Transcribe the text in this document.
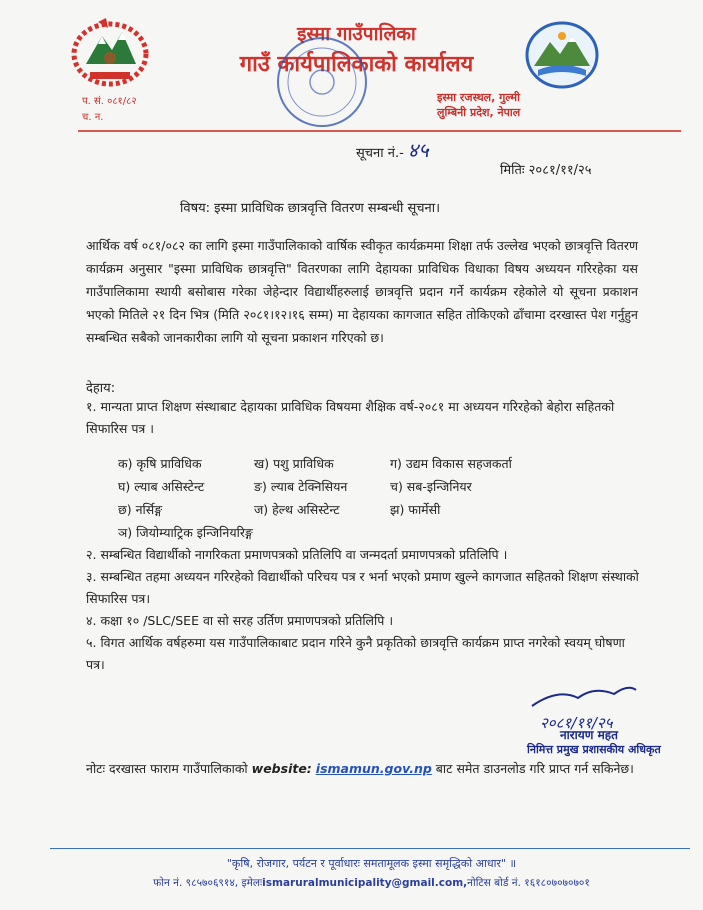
इस्मा गाउँपालिका
गाउँ कार्यपालिकाको कार्यालय
प. सं. ०८१/८२
च. न.
इस्मा रजस्थल, गुल्मी
लुम्बिनी प्रदेश, नेपाल
सूचना नं.- ४५
मितिः २०८१/११/२५
विषय: इस्मा प्राविधिक छात्रवृत्ति वितरण सम्बन्धी सूचना।
आर्थिक वर्ष ०८१/०८२ का लागि इस्मा गाउँपालिकाको वार्षिक स्वीकृत कार्यक्रममा शिक्षा तर्फ उल्लेख भएको छात्रवृत्ति वितरण कार्यक्रम अनुसार "इस्मा प्राविधिक छात्रवृत्ति" वितरणका लागि देहायका प्राविधिक विधाका विषय अध्ययन गरिरहेका यस गाउँपालिकामा स्थायी बसोबास गरेका जेहेन्दार विद्यार्थीहरुलाई छात्रवृत्ति प्रदान गर्ने कार्यक्रम रहेकोले यो सूचना प्रकाशन भएको मितिले २१ दिन भित्र (मिति २०८१।१२।१६ सम्म) मा देहायका कागजात सहित तोकिएको ढाँचामा दरखास्त पेश गर्नुहुन सम्बन्धित सबैको जानकारीका लागि यो सूचना प्रकाशन गरिएको छ।
देहाय:
१. मान्यता प्राप्त शिक्षण संस्थाबाट देहायका प्राविधिक विषयमा शैक्षिक वर्ष-२०८१ मा अध्ययन गरिरहेको बेहोरा सहितको सिफारिस पत्र ।
क) कृषि प्राविधिक	ख) पशु प्राविधिक	ग) उद्यम विकास सहजकर्ता
घ) ल्याब असिस्टेन्ट	ङ) ल्याब टेक्निसियन	च) सब-इन्जिनियर
छ) नर्सिङ्ग	ज) हेल्थ असिस्टेन्ट	झ) फार्मेसी
ञ) जियोम्याट्रिक इन्जिनियरिङ्ग
२. सम्बन्धित विद्यार्थीको नागरिकता प्रमाणपत्रको प्रतिलिपि वा जन्मदर्ता प्रमाणपत्रको प्रतिलिपि ।
३. सम्बन्धित तहमा अध्ययन गरिरहेको विद्यार्थीको परिचय पत्र र भर्ना भएको प्रमाण खुल्ने कागजात सहितको शिक्षण संस्थाको सिफारिस पत्र।
४. कक्षा १० /SLC/SEE वा सो सरह उर्तिण प्रमाणपत्रको प्रतिलिपि ।
५. विगत आर्थिक वर्षहरुमा यस गाउँपालिकाबाट प्रदान गरिने कुनै प्रकृतिको छात्रवृत्ति कार्यक्रम प्राप्त नगरेको स्वयम् घोषणा पत्र।
२०८१/११/२५
नारायण महत
निमित्त प्रमुख प्रशासकीय अधिकृत
नोटः दरखास्त फाराम गाउँपालिकाको website: ismamun.gov.np बाट समेत डाउनलोड गरि प्राप्त गर्न सकिनेछ।
"कृषि, रोजगार, पर्यटन र पूर्वाधारः समतामूलक इस्मा समृद्धिको आधार" ॥
फोन नं. ९८५७०६९१४, इमेलःismaruralmunicipality@gmail.com,नोटिस बोर्ड नं. १६१८०७०७०७०१
